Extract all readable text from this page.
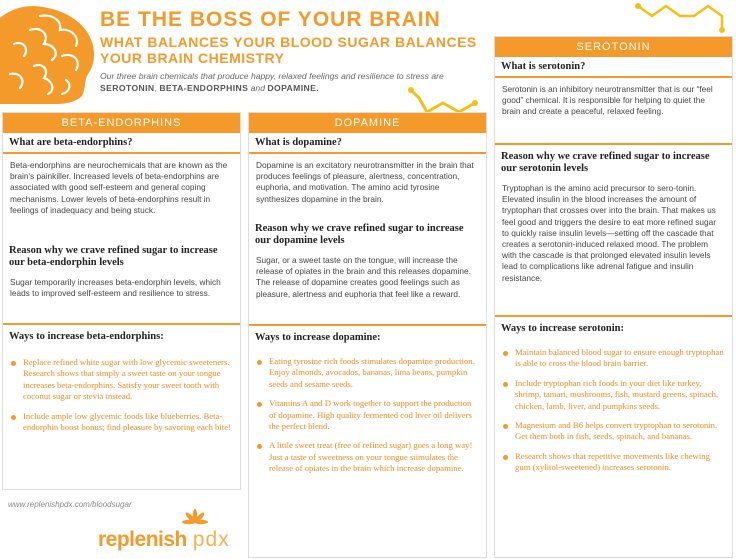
BE THE BOSS OF YOUR BRAIN
WHAT BALANCES YOUR BLOOD SUGAR BALANCES YOUR BRAIN CHEMISTRY
Our three brain chemicals that produce happy, relaxed feelings and resilience to stress are
SEROTONIN, BETA-ENDORPHINS and DOPAMINE.
BETA-ENDORPHINS
What are beta-endorphins?
Beta-endorphins are neurochemicals that are known as the brain's painkiller. Increased levels of beta-endorphins are associated with good self-esteem and general coping mechanisms. Lower levels of beta-endorphins result in feelings of inadequacy and being stuck.
Reason why we crave refined sugar to increase our beta-endorphin levels
Sugar temporarily increases beta-endorphin levels, which leads to improved self-esteem and resilience to stress.
Ways to increase beta-endorphins:
Replace refined white sugar with low glycemic sweeteners. Research shows that simply a sweet taste on your tongue increases beta-endorphins. Satisfy your sweet tooth with coconut sugar or stevia instead.
Include ample low glycemic foods like blueberries. Beta-endorphin boost bonus; find pleasure by savoring each bite!
DOPAMINE
What is dopamine?
Dopamine is an excitatory neurotransmitter in the brain that produces feelings of pleasure, alertness, concentration, euphoria, and motivation. The amino acid tyrosine synthesizes dopamine in the brain.
Reason why we crave refined sugar to increase our dopamine levels
Sugar, or a sweet taste on the tongue, will increase the release of opiates in the brain and this releases dopamine. The release of dopamine creates good feelings such as pleasure, alertness and euphoria that feel like a reward.
Ways to increase dopamine:
Eating tyrosine rich foods stimulates dopamine production. Enjoy almonds, avocados, bananas, lima beans, pumpkin seeds and sesame seeds.
Vitamins A and D work together to support the production of dopamine. High quality fermented cod liver oil delivers the perfect blend.
A little sweet treat (free of refined sugar) goes a long way! Just a taste of sweetness on your tongue stimulates the release of opiates in the brain which increase dopamine.
SEROTONIN
What is serotonin?
Serotonin is an inhibitory neurotransmitter that is our “feel good” chemical. It is responsible for helping to quiet the brain and create a peaceful, relaxed feeling.
Reason why we crave refined sugar to increase our serotonin levels
Tryptophan is the amino acid precursor to sero-tonin. Elevated insulin in the blood increases the amount of tryptophan that crosses over into the brain. That makes us feel good and triggers the desire to eat more refined sugar to quickly raise insulin levels—setting off the cascade that creates a serotonin-induced relaxed mood. The problem with the cascade is that prolonged elevated insulin levels lead to complications like adrenal fatigue and insulin resistance.
Ways to increase serotonin:
Maintain balanced blood sugar to ensure enough tryptophan is able to cross the blood brain barrier.
Include tryptophan rich foods in your diet like turkey, shrimp, tamari, mushrooms, fish, mustard greens, spinach, chicken, lamb, liver, and pumpkins seeds.
Magnesium and B6 helps convert tryptophan to serotonin. Get them both in fish, seeds, spinach, and bananas.
Research shows that repetitive movements like chewing gum (xylitol-sweetened) increases serotonin.
www.replenishpdx.com/bloodsugar
replenish pdx
